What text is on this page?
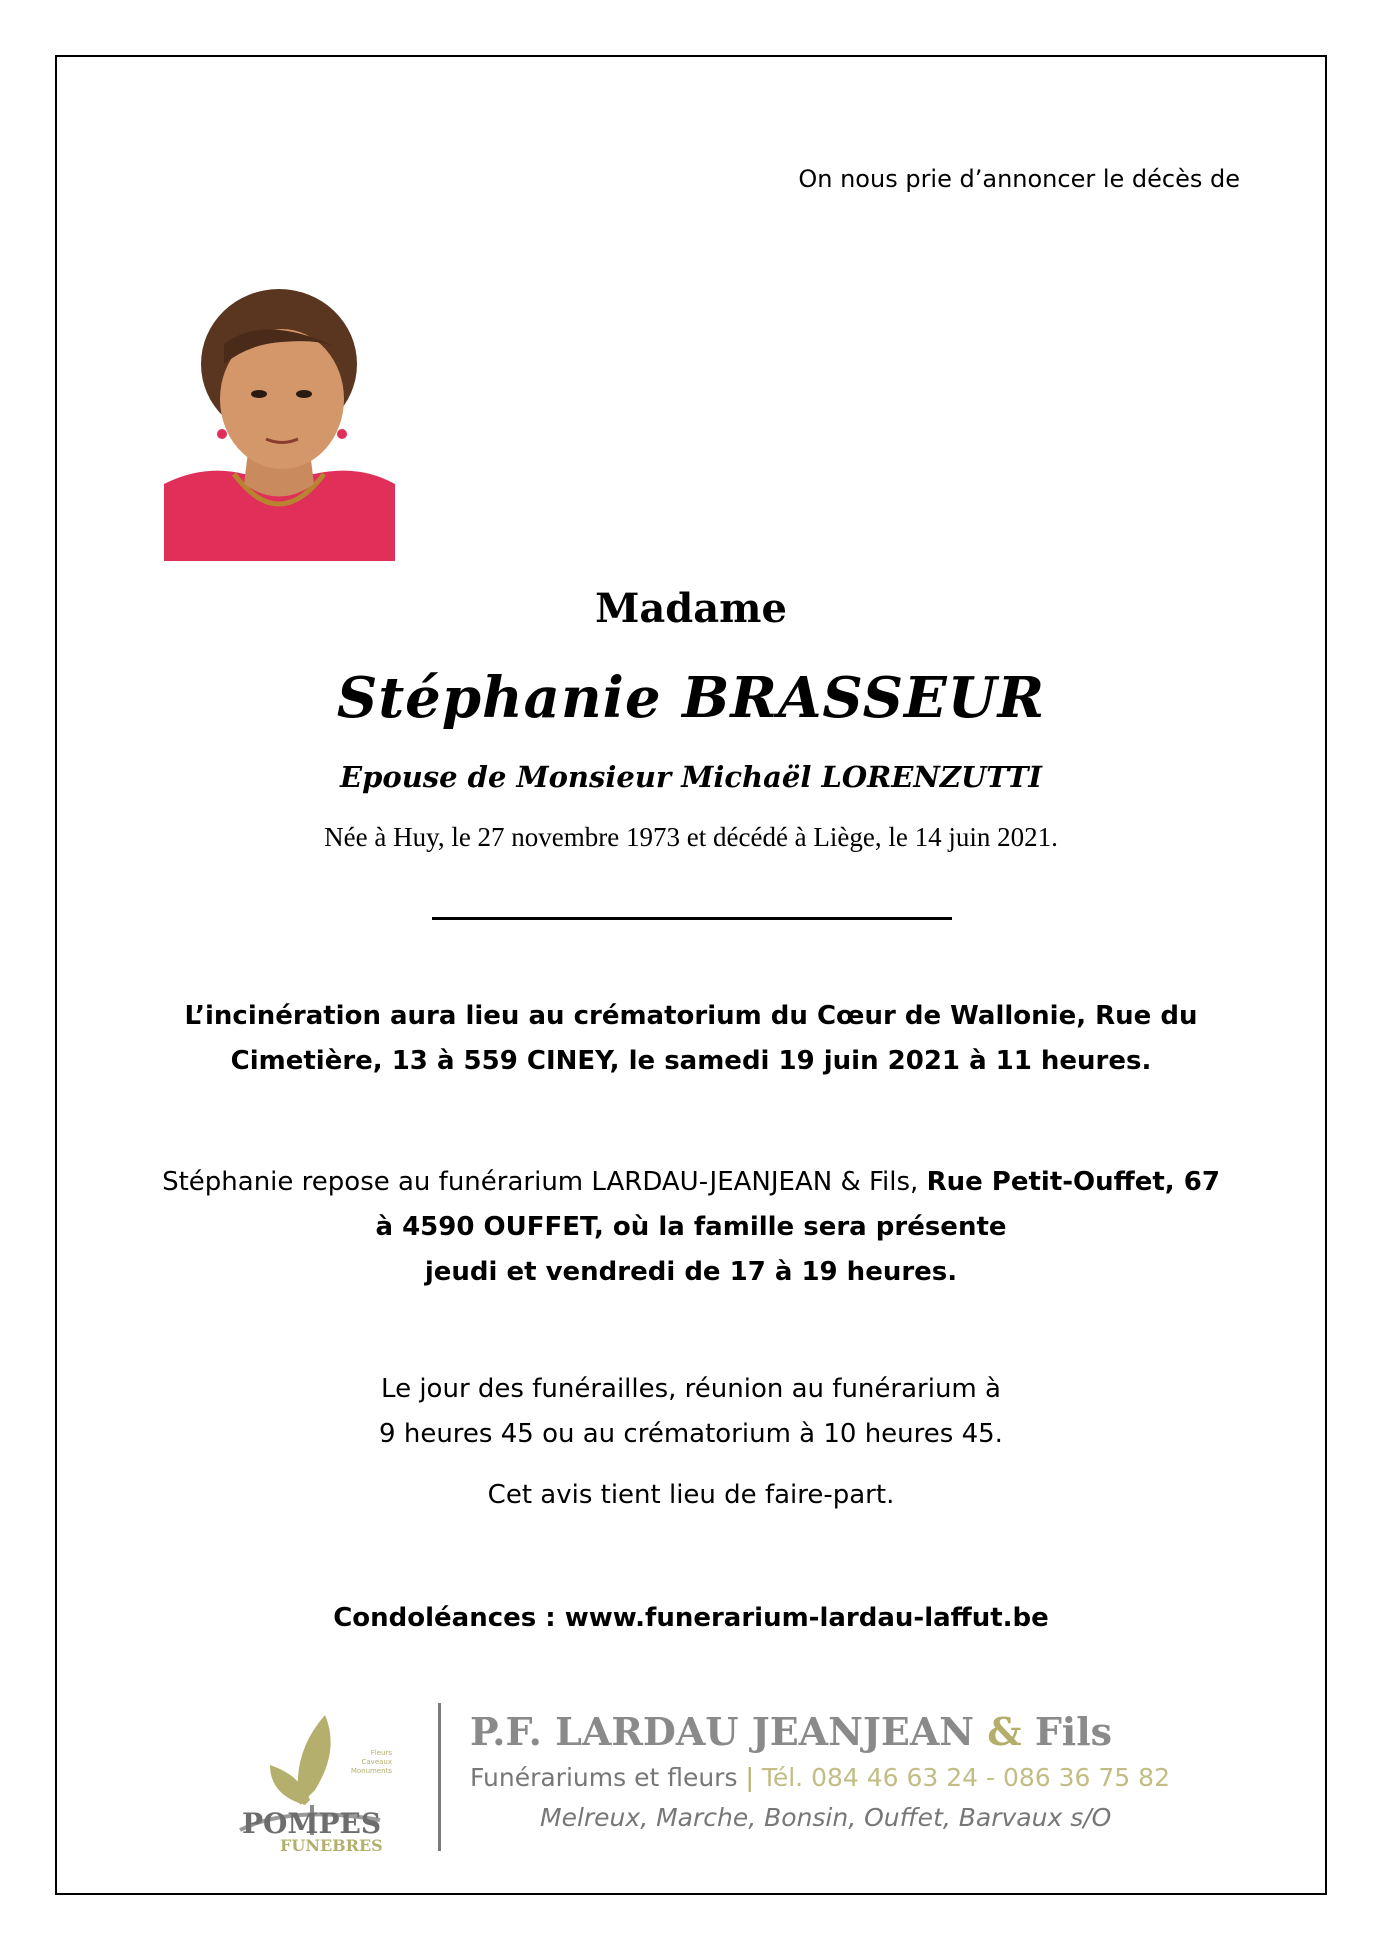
On nous prie d’annoncer le décès de
Madame
Stéphanie BRASSEUR
Epouse de Monsieur Michaël LORENZUTTI
Née à Huy, le 27 novembre 1973 et décédé à Liège, le 14 juin 2021.
L’incinération aura lieu au crématorium du Cœur de Wallonie, Rue du
Cimetière, 13 à 559 CINEY, le samedi 19 juin 2021 à 11 heures.
Stéphanie repose au funérarium LARDAU-JEANJEAN & Fils, Rue Petit-Ouffet, 67
à 4590 OUFFET, où la famille sera présente
jeudi et vendredi de 17 à 19 heures.
Le jour des funérailles, réunion au funérarium à
9 heures 45 ou au crématorium à 10 heures 45.
Cet avis tient lieu de faire-part.
Condoléances : www.funerarium-lardau-laffut.be
Fleurs
Caveaux
Monuments
POMPES
FUNEBRES
P.F. LARDAU JEANJEAN & Fils
Funérariums et fleurs | Tél. 084 46 63 24 - 086 36 75 82
Melreux, Marche, Bonsin, Ouffet, Barvaux s/O
